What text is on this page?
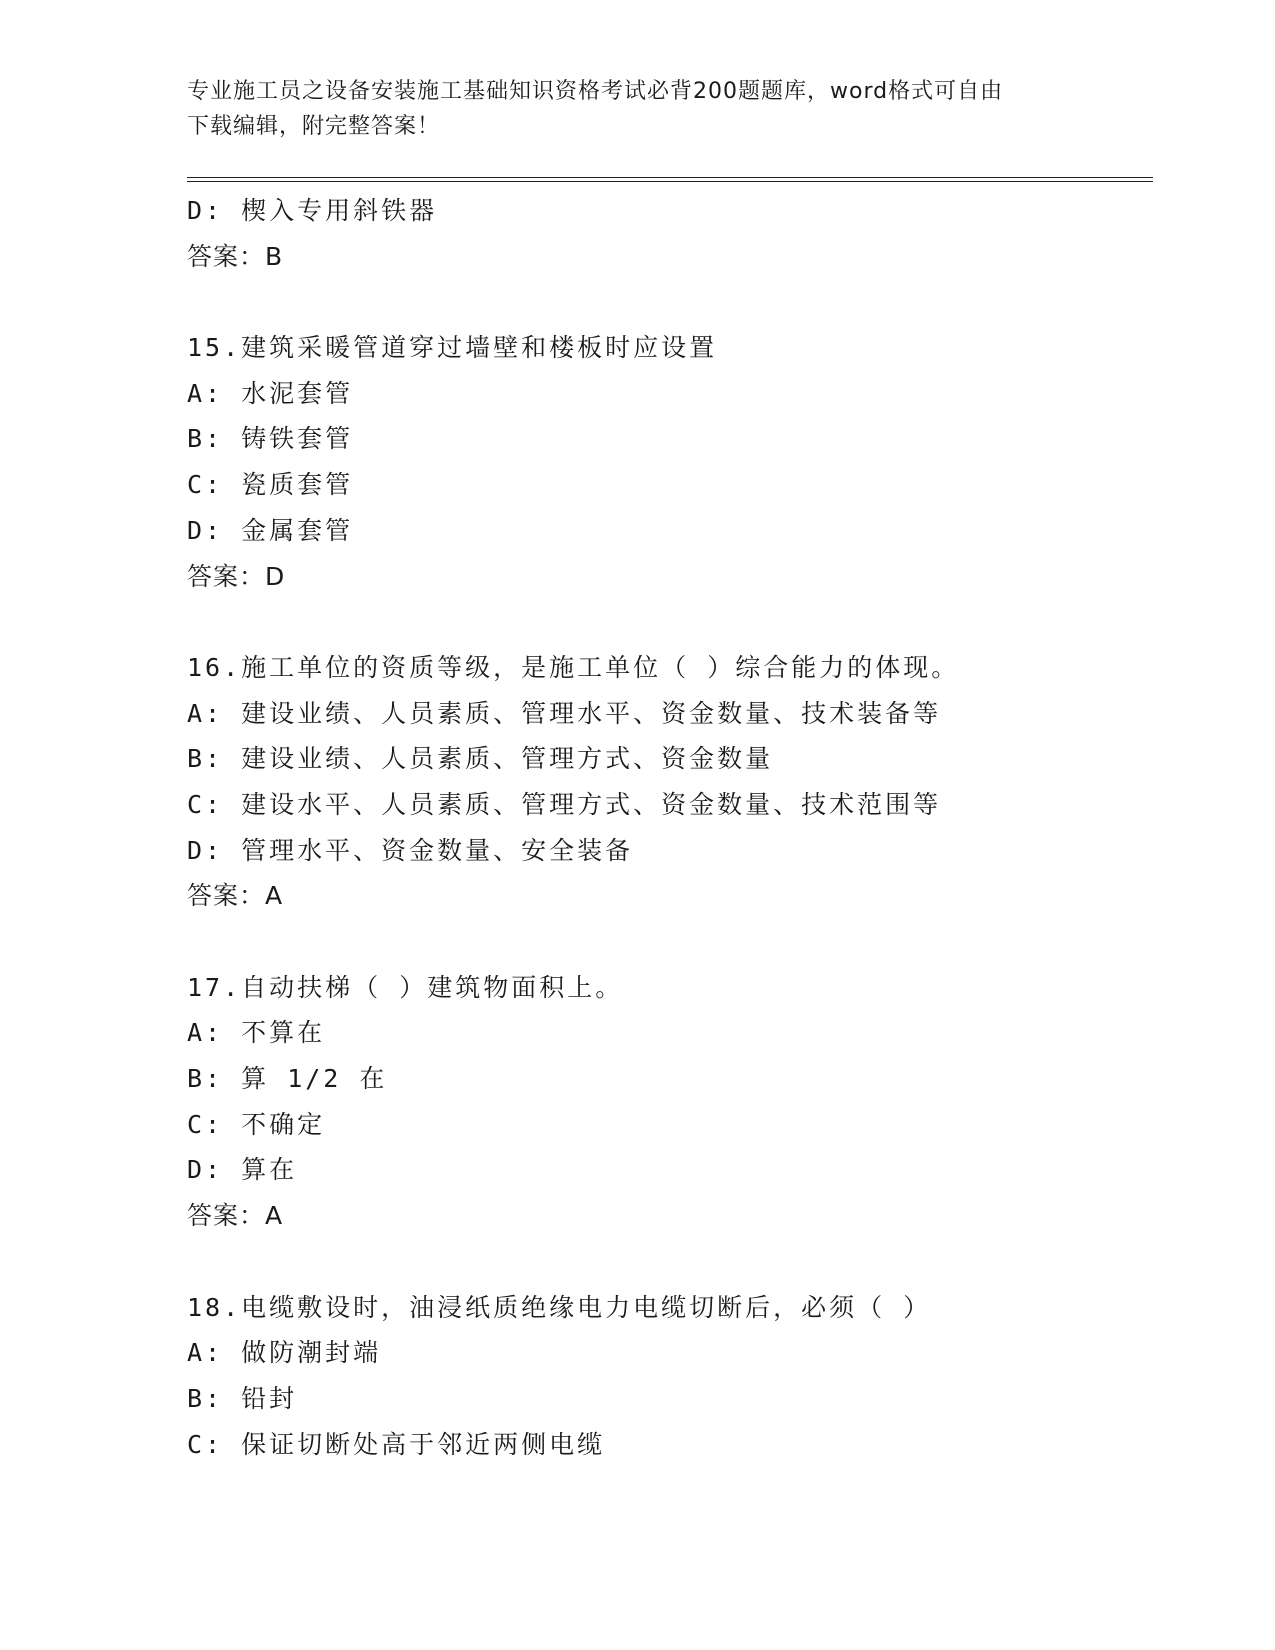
专业施工员之设备安装施工基础知识资格考试必背200题题库，word格式可自由
下载编辑，附完整答案！
D: 楔入专用斜铁器
答案：B
15.建筑采暖管道穿过墙壁和楼板时应设置
A: 水泥套管
B: 铸铁套管
C: 瓷质套管
D: 金属套管
答案：D
16.施工单位的资质等级，是施工单位（ ）综合能力的体现。
A: 建设业绩、人员素质、管理水平、资金数量、技术装备等
B: 建设业绩、人员素质、管理方式、资金数量
C: 建设水平、人员素质、管理方式、资金数量、技术范围等
D: 管理水平、资金数量、安全装备
答案：A
17.自动扶梯（ ）建筑物面积上。
A: 不算在
B: 算 1/2 在
C: 不确定
D: 算在
答案：A
18.电缆敷设时，油浸纸质绝缘电力电缆切断后，必须（ ）
A: 做防潮封端
B: 铅封
C: 保证切断处高于邻近两侧电缆
